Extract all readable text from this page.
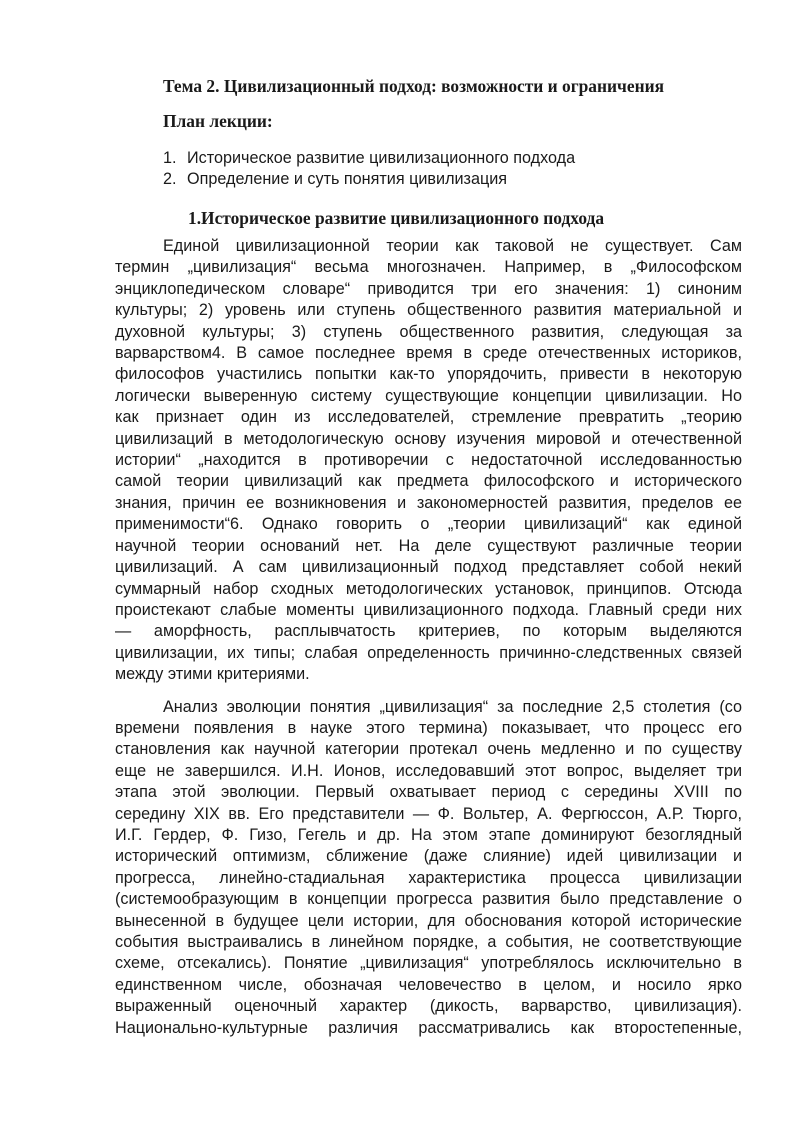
Тема 2. Цивилизационный подход: возможности и ограничения
План лекции:
1. Историческое развитие цивилизационного подхода
2. Определение и суть понятия цивилизация
1.Историческое развитие цивилизационного подхода

Единой цивилизационной теории как таковой не существует. Сам
термин „цивилизация“ весьма многозначен. Например, в „Философском
энциклопедическом словаре“ приводится три его значения: 1) синоним
культуры; 2) уровень или ступень общественного развития материальной и
духовной культуры; 3) ступень общественного развития, следующая за
варварством4. В самое последнее время в среде отечественных историков,
философов участились попытки как-то упорядочить, привести в некоторую
логически выверенную систему существующие концепции цивилизации. Но
как признает один из исследователей, стремление превратить „теорию
цивилизаций в методологическую основу изучения мировой и отечественной
истории“ „находится в противоречии с недостаточной исследованностью
самой теории цивилизаций как предмета философского и исторического
знания, причин ее возникновения и закономерностей развития, пределов ее
применимости“6. Однако говорить о „теории цивилизаций“ как единой
научной теории оснований нет. На деле существуют различные теории
цивилизаций. А сам цивилизационный подход представляет собой некий
суммарный набор сходных методологических установок, принципов. Отсюда
проистекают слабые моменты цивилизационного подхода. Главный среди них
— аморфность, расплывчатость критериев, по которым выделяются
цивилизации, их типы; слабая определенность причинно-следственных связей
между этими критериями.

Анализ эволюции понятия „цивилизация“ за последние 2,5 столетия (со
времени появления в науке этого термина) показывает, что процесс его
становления как научной категории протекал очень медленно и по существу
еще не завершился. И.Н. Ионов, исследовавший этот вопрос, выделяет три
этапа этой эволюции. Первый охватывает период с середины XVIII по
середину XIX вв. Его представители — Ф. Вольтер, А. Фергюссон, А.Р. Тюрго,
И.Г. Гердер, Ф. Гизо, Гегель и др. На этом этапе доминируют безоглядный
исторический оптимизм, сближение (даже слияние) идей цивилизации и
прогресса, линейно-стадиальная характеристика процесса цивилизации
(системообразующим в концепции прогресса развития было представление о
вынесенной в будущее цели истории, для обоснования которой исторические
события выстраивались в линейном порядке, а события, не соответствующие
схеме, отсекались). Понятие „цивилизация“ употреблялось исключительно в
единственном числе, обозначая человечество в целом, и носило ярко
выраженный оценочный характер (дикость, варварство, цивилизация).
Национально-культурные различия рассматривались как второстепенные,
